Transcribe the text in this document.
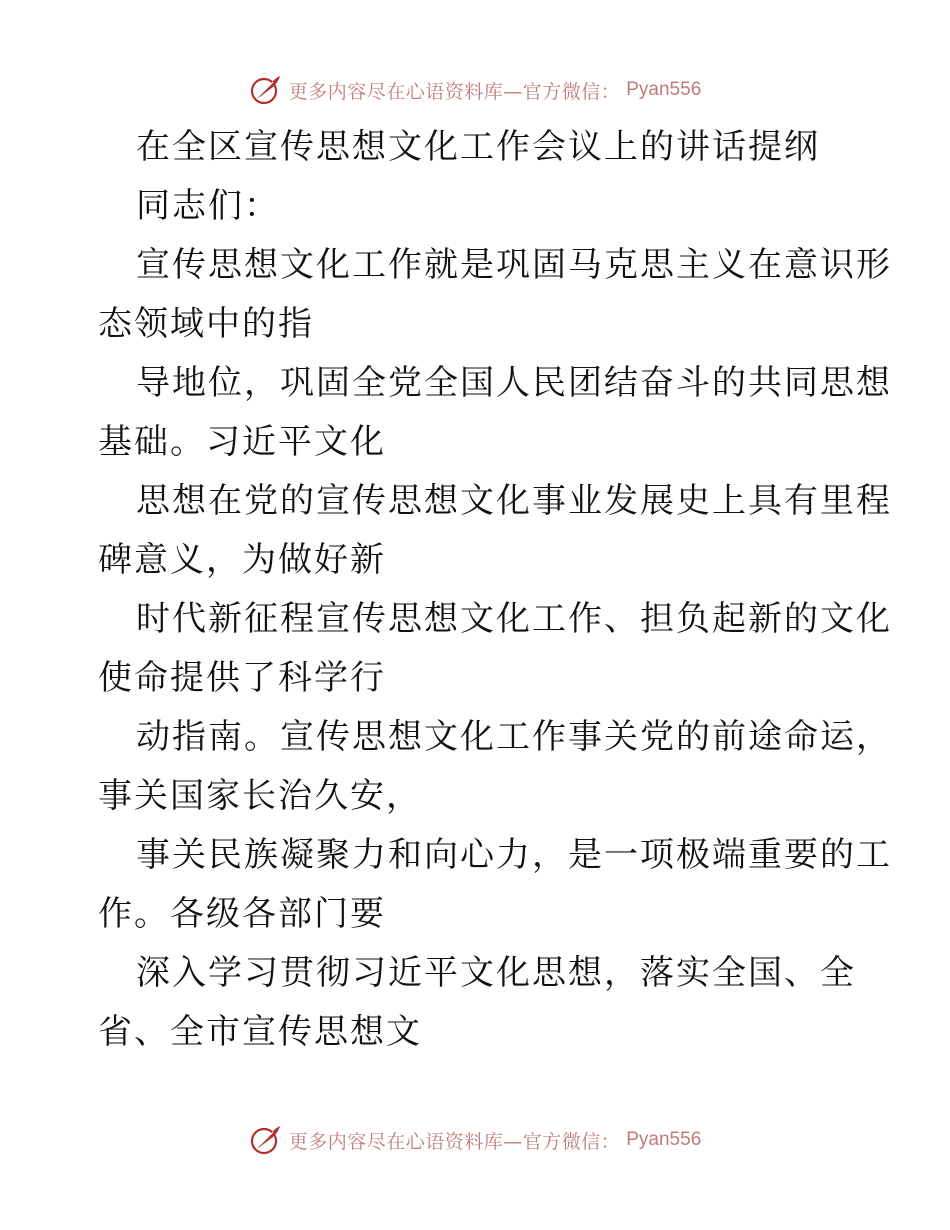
更多内容尽在心语资料库—官方微信： Pyan556
在全区宣传思想文化工作会议上的讲话提纲
同志们：
宣传思想文化工作就是巩固马克思主义在意识形
态领域中的指
导地位，巩固全党全国人民团结奋斗的共同思想
基础。习近平文化
思想在党的宣传思想文化事业发展史上具有里程
碑意义，为做好新
时代新征程宣传思想文化工作、担负起新的文化
使命提供了科学行
动指南。宣传思想文化工作事关党的前途命运，
事关国家长治久安，
事关民族凝聚力和向心力，是一项极端重要的工
作。各级各部门要
深入学习贯彻习近平文化思想，落实全国、全
省、全市宣传思想文
更多内容尽在心语资料库—官方微信： Pyan556
